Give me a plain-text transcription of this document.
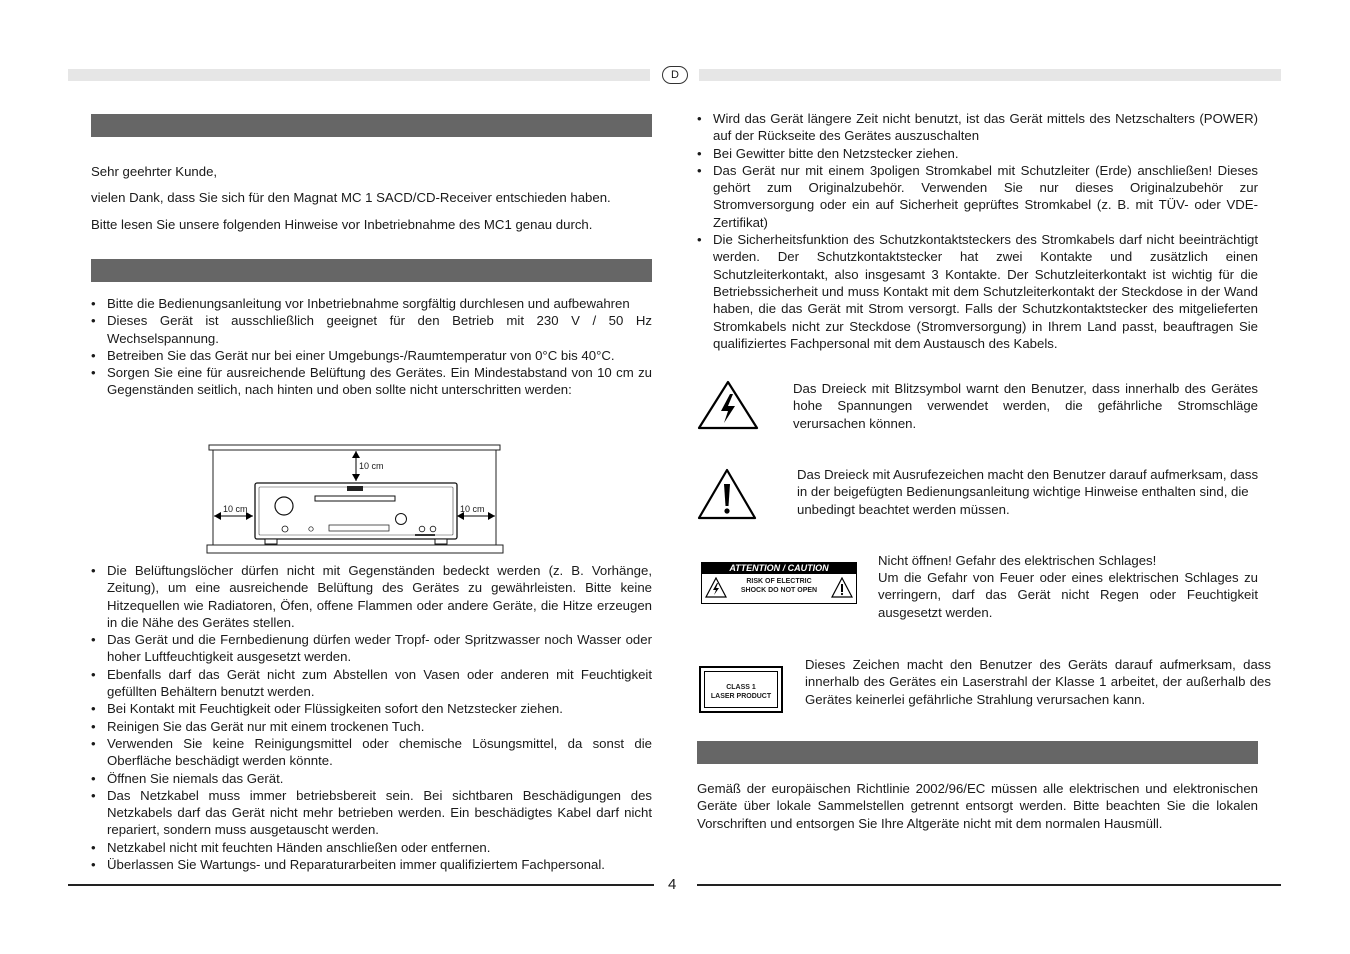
D
Sehr geehrter Kunde,
vielen Dank, dass Sie sich für den Magnat MC 1 SACD/CD-Receiver entschieden haben.
Bitte lesen Sie unsere folgenden Hinweise vor Inbetriebnahme des MC1 genau durch.
• Bitte die Bedienungsanleitung vor Inbetriebnahme sorgfältig durchlesen und aufbewahren
• Dieses Gerät ist ausschließlich geeignet für den Betrieb mit 230 V / 50 Hz Wechselspannung.
• Betreiben Sie das Gerät nur bei einer Umgebungs-/Raumtemperatur von 0°C bis 40°C.
• Sorgen Sie eine für ausreichende Belüftung des Gerätes. Ein Mindestabstand von 10 cm zu Gegenständen seitlich, nach hinten und oben sollte nicht unterschritten werden:
10 cm
10 cm	10 cm
• Die Belüftungslöcher dürfen nicht mit Gegenständen bedeckt werden (z. B. Vorhänge, Zeitung), um eine ausreichende Belüftung des Gerätes zu gewährleisten. Bitte keine Hitzequellen wie Radiatoren, Öfen, offene Flammen oder andere Geräte, die Hitze erzeugen in die Nähe des Gerätes stellen.
• Das Gerät und die Fernbedienung dürfen weder Tropf- oder Spritzwasser noch Wasser oder hoher Luftfeuchtigkeit ausgesetzt werden.
• Ebenfalls darf das Gerät nicht zum Abstellen von Vasen oder anderen mit Feuchtigkeit gefüllten Behältern benutzt werden.
• Bei Kontakt mit Feuchtigkeit oder Flüssigkeiten sofort den Netzstecker ziehen.
• Reinigen Sie das Gerät nur mit einem trockenen Tuch.
• Verwenden Sie keine Reinigungsmittel oder chemische Lösungsmittel, da sonst die Oberfläche beschädigt werden könnte.
• Öffnen Sie niemals das Gerät.
• Das Netzkabel muss immer betriebsbereit sein. Bei sichtbaren Beschädigungen des Netzkabels darf das Gerät nicht mehr betrieben werden. Ein beschädigtes Kabel darf nicht repariert, sondern muss ausgetauscht werden.
• Netzkabel nicht mit feuchten Händen anschließen oder entfernen.
• Überlassen Sie Wartungs- und Reparaturarbeiten immer qualifiziertem Fachpersonal.
• Wird das Gerät längere Zeit nicht benutzt, ist das Gerät mittels des Netzschalters (POWER) auf der Rückseite des Gerätes auszuschalten
• Bei Gewitter bitte den Netzstecker ziehen.
• Das Gerät nur mit einem 3poligen Stromkabel mit Schutzleiter (Erde) anschließen! Dieses gehört zum Originalzubehör. Verwenden Sie nur dieses Originalzubehör zur Stromversorgung oder ein auf Sicherheit geprüftes Stromkabel (z. B. mit TÜV- oder VDE-Zertifikat)
• Die Sicherheitsfunktion des Schutzkontaktsteckers des Stromkabels darf nicht beeinträchtigt werden. Der Schutzkontaktstecker hat zwei Kontakte und zusätzlich einen Schutzleiterkontakt, also insgesamt 3 Kontakte. Der Schutzleiterkontakt ist wichtig für die Betriebssicherheit und muss Kontakt mit dem Schutzleiterkontakt der Steckdose in der Wand haben, die das Gerät mit Strom versorgt. Falls der Schutzkontaktstecker des mitgelieferten Stromkabels nicht zur Steckdose (Stromversorgung) in Ihrem Land passt, beauftragen Sie qualifiziertes Fachpersonal mit dem Austausch des Kabels.
Das Dreieck mit Blitzsymbol warnt den Benutzer, dass innerhalb des Gerätes hohe Spannungen verwendet werden, die gefährliche Stromschläge verursachen können.
Das Dreieck mit Ausrufezeichen macht den Benutzer darauf aufmerksam, dass in der beigefügten Bedienungsanleitung wichtige Hinweise enthalten sind, die unbedingt beachtet werden müssen.
ATTENTION / CAUTION
RISK OF ELECTRIC
SHOCK DO NOT OPEN
Nicht öffnen! Gefahr des elektrischen Schlages!
Um die Gefahr von Feuer oder eines elektrischen Schlages zu verringern, darf das Gerät nicht Regen oder Feuchtigkeit ausgesetzt werden.
CLASS 1
LASER PRODUCT
Dieses Zeichen macht den Benutzer des Geräts darauf aufmerksam, dass innerhalb des Gerätes ein Laserstrahl der Klasse 1 arbeitet, der außerhalb des Gerätes keinerlei gefährliche Strahlung verursachen kann.
Gemäß der europäischen Richtlinie 2002/96/EC müssen alle elektrischen und elektronischen Geräte über lokale Sammelstellen getrennt entsorgt werden. Bitte beachten Sie die lokalen Vorschriften und entsorgen Sie Ihre Altgeräte nicht mit dem normalen Hausmüll.
4
